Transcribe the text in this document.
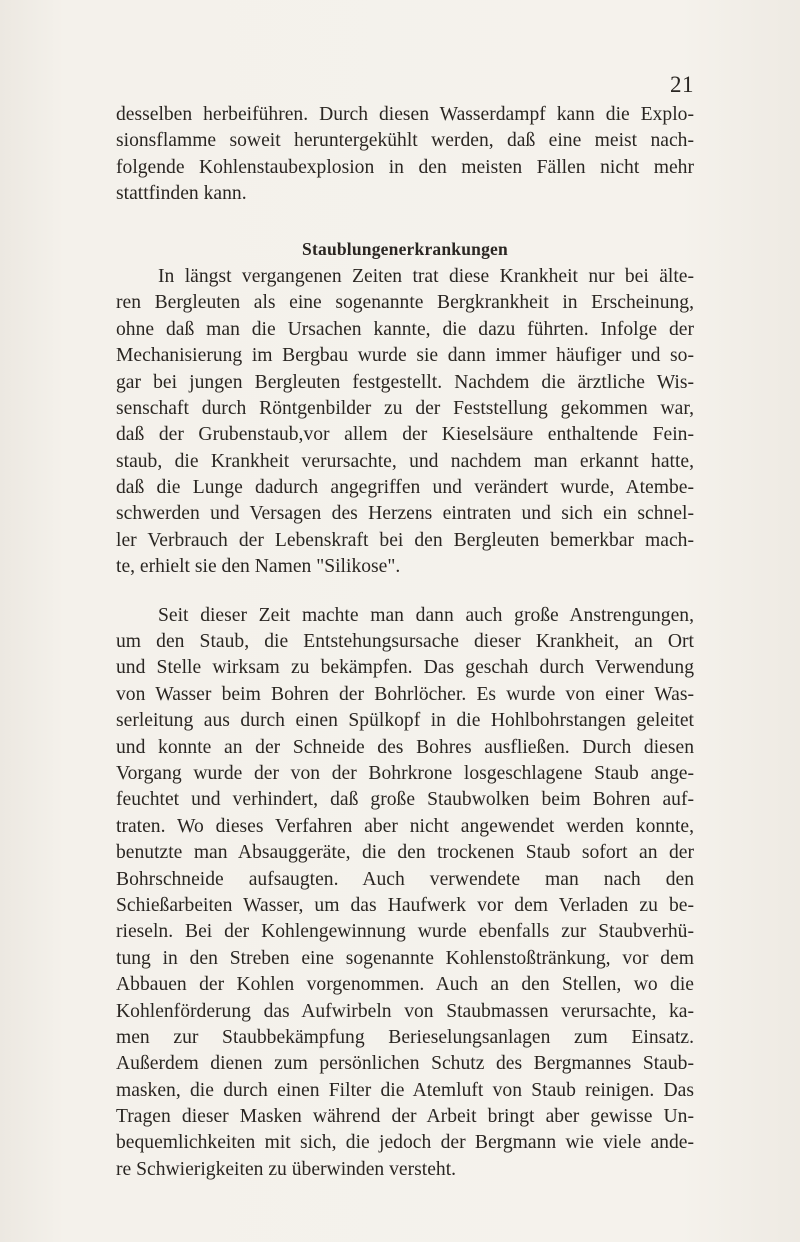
21
desselben herbeiführen. Durch diesen Wasserdampf kann die Explo-
sionsflamme soweit heruntergekühlt werden, daß eine meist nach-
folgende Kohlenstaubexplosion in den meisten Fällen nicht mehr
stattfinden kann.
Staublungenerkrankungen
In längst vergangenen Zeiten trat diese Krankheit nur bei älte-
ren Bergleuten als eine sogenannte Bergkrankheit in Erscheinung,
ohne daß man die Ursachen kannte, die dazu führten. Infolge der
Mechanisierung im Bergbau wurde sie dann immer häufiger und so-
gar bei jungen Bergleuten festgestellt. Nachdem die ärztliche Wis-
senschaft durch Röntgenbilder zu der Feststellung gekommen war,
daß der Grubenstaub,vor allem der Kieselsäure enthaltende Fein-
staub, die Krankheit verursachte, und nachdem man erkannt hatte,
daß die Lunge dadurch angegriffen und verändert wurde, Atembe-
schwerden und Versagen des Herzens eintraten und sich ein schnel-
ler Verbrauch der Lebenskraft bei den Bergleuten bemerkbar mach-
te, erhielt sie den Namen "Silikose".
Seit dieser Zeit machte man dann auch große Anstrengungen,
um den Staub, die Entstehungsursache dieser Krankheit, an Ort
und Stelle wirksam zu bekämpfen. Das geschah durch Verwendung
von Wasser beim Bohren der Bohrlöcher. Es wurde von einer Was-
serleitung aus durch einen Spülkopf in die Hohlbohrstangen geleitet
und konnte an der Schneide des Bohres ausfließen. Durch diesen
Vorgang wurde der von der Bohrkrone losgeschlagene Staub ange-
feuchtet und verhindert, daß große Staubwolken beim Bohren auf-
traten. Wo dieses Verfahren aber nicht angewendet werden konnte,
benutzte man Absauggeräte, die den trockenen Staub sofort an der
Bohrschneide aufsaugten. Auch verwendete man nach den
Schießarbeiten Wasser, um das Haufwerk vor dem Verladen zu be-
rieseln. Bei der Kohlengewinnung wurde ebenfalls zur Staubverhü-
tung in den Streben eine sogenannte Kohlenstoßtränkung, vor dem
Abbauen der Kohlen vorgenommen. Auch an den Stellen, wo die
Kohlenförderung das Aufwirbeln von Staubmassen verursachte, ka-
men zur Staubbekämpfung Berieselungsanlagen zum Einsatz.
Außerdem dienen zum persönlichen Schutz des Bergmannes Staub-
masken, die durch einen Filter die Atemluft von Staub reinigen. Das
Tragen dieser Masken während der Arbeit bringt aber gewisse Un-
bequemlichkeiten mit sich, die jedoch der Bergmann wie viele ande-
re Schwierigkeiten zu überwinden versteht.
